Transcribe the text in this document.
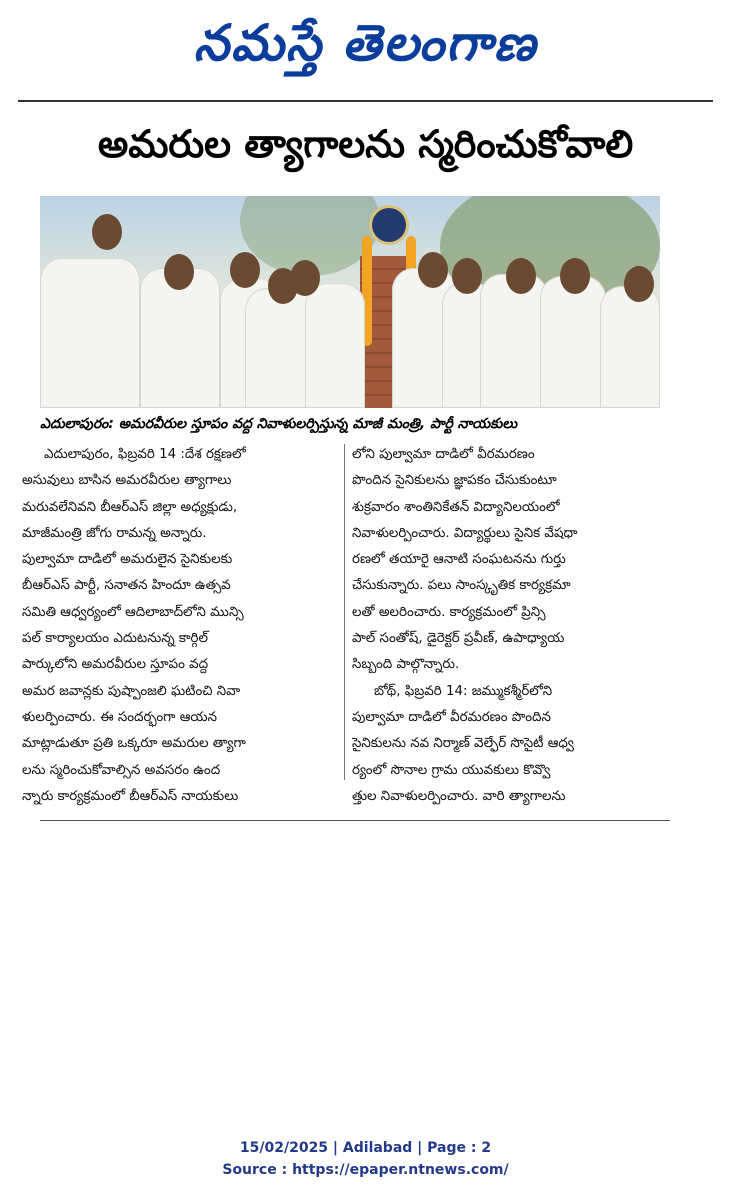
నమస్తే తెలంగాణ
అమరుల త్యాగాలను స్మరించుకోవాలి
ఎదులాపురం: అమరవీరుల స్తూపం వద్ద నివాళులర్పిస్తున్న మాజీ మంత్రి, పార్టీ నాయకులు
ఎదులాపురం, ఫిబ్రవరి 14 :దేశ రక్షణలో
అసువులు బాసిన అమరవీరుల త్యాగాలు
మరువలేనివని బీఆర్ఎస్ జిల్లా అధ్యక్షుడు,
మాజీమంత్రి జోగు రామన్న అన్నారు.
పుల్వామా దాడిలో అమరులైన సైనికులకు
బీఆర్ఎస్ పార్టీ, సనాతన హిందూ ఉత్సవ
సమితి ఆధ్వర్యంలో ఆదిలాబాద్‌లోని మున్సి
పల్ కార్యాలయం ఎదుటనున్న కార్గిల్
పార్కులోని అమరవీరుల స్తూపం వద్ద
అమర జవాన్లకు పుష్పాంజలి ఘటించి నివా
ళులర్పించారు. ఈ సందర్భంగా ఆయన
మాట్లాడుతూ ప్రతి ఒక్కరూ అమరుల త్యాగా
లను స్మరించుకోవాల్సిన అవసరం ఉంద
న్నారు కార్యక్రమంలో బీఆర్ఎస్ నాయకులు
లోని పుల్వామా దాడిలో వీరమరణం
పొందిన సైనికులను జ్ఞాపకం చేసుకుంటూ
శుక్రవారం శాంతినికేతన్ విద్యానిలయంలో
నివాళులర్పించారు. విద్యార్థులు సైనిక వేషధా
రణలో తయారై ఆనాటి సంఘటనను గుర్తు
చేసుకున్నారు. పలు సాంస్కృతిక కార్యక్రమా
లతో అలరించారు. కార్యక్రమంలో ప్రిన్సి
పాల్ సంతోష్, డైరెక్టర్ ప్రవీణ్, ఉపాధ్యాయ
సిబ్బంది పాల్గొన్నారు.
బోథ్, ఫిబ్రవరి 14: జమ్ముకశ్మీర్‌లోని
పుల్వామా దాడిలో వీరమరణం పొందిన
సైనికులను నవ నిర్మాణ్ వెల్ఫేర్ సొసైటీ ఆధ్వ
ర్యంలో సొనాల గ్రామ యువకులు కొవ్వొ
త్తుల నివాళులర్పించారు. వారి త్యాగాలను
15/02/2025 | Adilabad | Page : 2
Source : https://epaper.ntnews.com/
